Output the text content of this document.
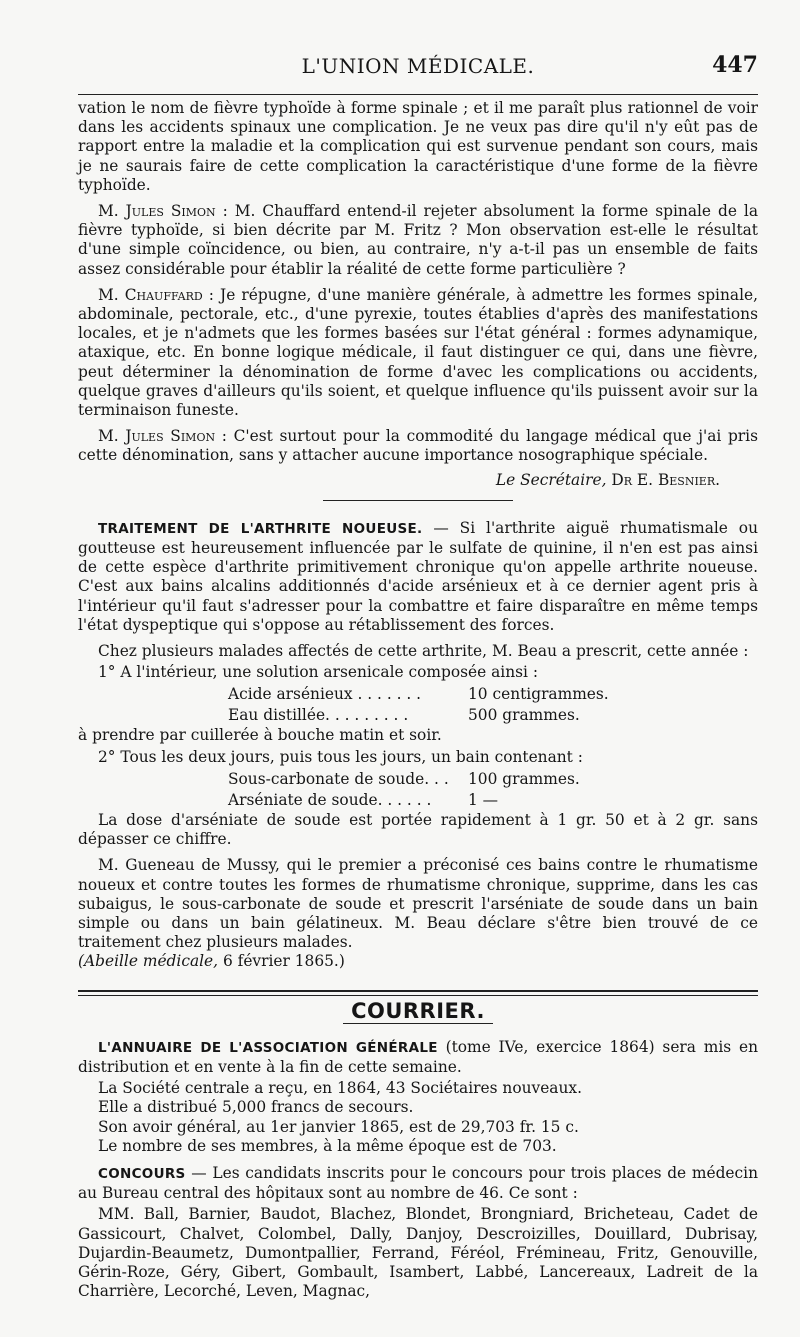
L'UNION MÉDICALE.	447

vation le nom de fièvre typhoïde à forme spinale ; et il me paraît plus rationnel de voir dans les accidents spinaux une complication. Je ne veux pas dire qu'il n'y eût pas de rapport entre la maladie et la complication qui est survenue pendant son cours, mais je ne saurais faire de cette complication la caractéristique d'une forme de la fièvre typhoïde.

M. Jules Simon : M. Chauffard entend-il rejeter absolument la forme spinale de la fièvre typhoïde, si bien décrite par M. Fritz ? Mon observation est-elle le résultat d'une simple coïncidence, ou bien, au contraire, n'y a-t-il pas un ensemble de faits assez considérable pour établir la réalité de cette forme particulière ?

M. Chauffard : Je répugne, d'une manière générale, à admettre les formes spinale, abdominale, pectorale, etc., d'une pyrexie, toutes établies d'après des manifestations locales, et je n'admets que les formes basées sur l'état général : formes adynamique, ataxique, etc. En bonne logique médicale, il faut distinguer ce qui, dans une fièvre, peut déterminer la dénomination de forme d'avec les complications ou accidents, quelque graves d'ailleurs qu'ils soient, et quelque influence qu'ils puissent avoir sur la terminaison funeste.

M. Jules Simon : C'est surtout pour la commodité du langage médical que j'ai pris cette dénomination, sans y attacher aucune importance nosographique spéciale.

Le Secrétaire, Dr E. Besnier.

TRAITEMENT DE L'ARTHRITE NOUEUSE. — Si l'arthrite aiguë rhumatismale ou goutteuse est heureusement influencée par le sulfate de quinine, il n'en est pas ainsi de cette espèce d'arthrite primitivement chronique qu'on appelle arthrite noueuse. C'est aux bains alcalins additionnés d'acide arsénieux et à ce dernier agent pris à l'intérieur qu'il faut s'adresser pour la combattre et faire disparaître en même temps l'état dyspeptique qui s'oppose au rétablissement des forces.

Chez plusieurs malades affectés de cette arthrite, M. Beau a prescrit, cette année :

1° A l'intérieur, une solution arsenicale composée ainsi :

Acide arsénieux . . . . . . .	10 centigrammes.
Eau distillée. . . . . . . . .	500 grammes.

à prendre par cuillerée à bouche matin et soir.

2° Tous les deux jours, puis tous les jours, un bain contenant :

Sous-carbonate de soude. . .	100 grammes.
Arséniate de soude. . . . . .	1 —

La dose d'arséniate de soude est portée rapidement à 1 gr. 50 et à 2 gr. sans dépasser ce chiffre.

M. Gueneau de Mussy, qui le premier a préconisé ces bains contre le rhumatisme noueux et contre toutes les formes de rhumatisme chronique, supprime, dans les cas subaigus, le sous-carbonate de soude et prescrit l'arséniate de soude dans un bain simple ou dans un bain gélatineux. M. Beau déclare s'être bien trouvé de ce traitement chez plusieurs malades.

(Abeille médicale, 6 février 1865.)

COURRIER.

L'ANNUAIRE DE L'ASSOCIATION GÉNÉRALE (tome IVe, exercice 1864) sera mis en distribution et en vente à la fin de cette semaine.

La Société centrale a reçu, en 1864, 43 Sociétaires nouveaux.

Elle a distribué 5,000 francs de secours.

Son avoir général, au 1er janvier 1865, est de 29,703 fr. 15 c.

Le nombre de ses membres, à la même époque est de 703.

CONCOURS — Les candidats inscrits pour le concours pour trois places de médecin au Bureau central des hôpitaux sont au nombre de 46. Ce sont :

MM. Ball, Barnier, Baudot, Blachez, Blondet, Brongniard, Bricheteau, Cadet de Gassicourt, Chalvet, Colombel, Dally, Danjoy, Descroizilles, Douillard, Dubrisay, Dujardin-Beaumetz, Dumontpallier, Ferrand, Féréol, Frémineau, Fritz, Genouville, Gérin-Roze, Géry, Gibert, Gombault, Isambert, Labbé, Lancereaux, Ladreit de la Charrière, Lecorché, Leven, Magnac,
